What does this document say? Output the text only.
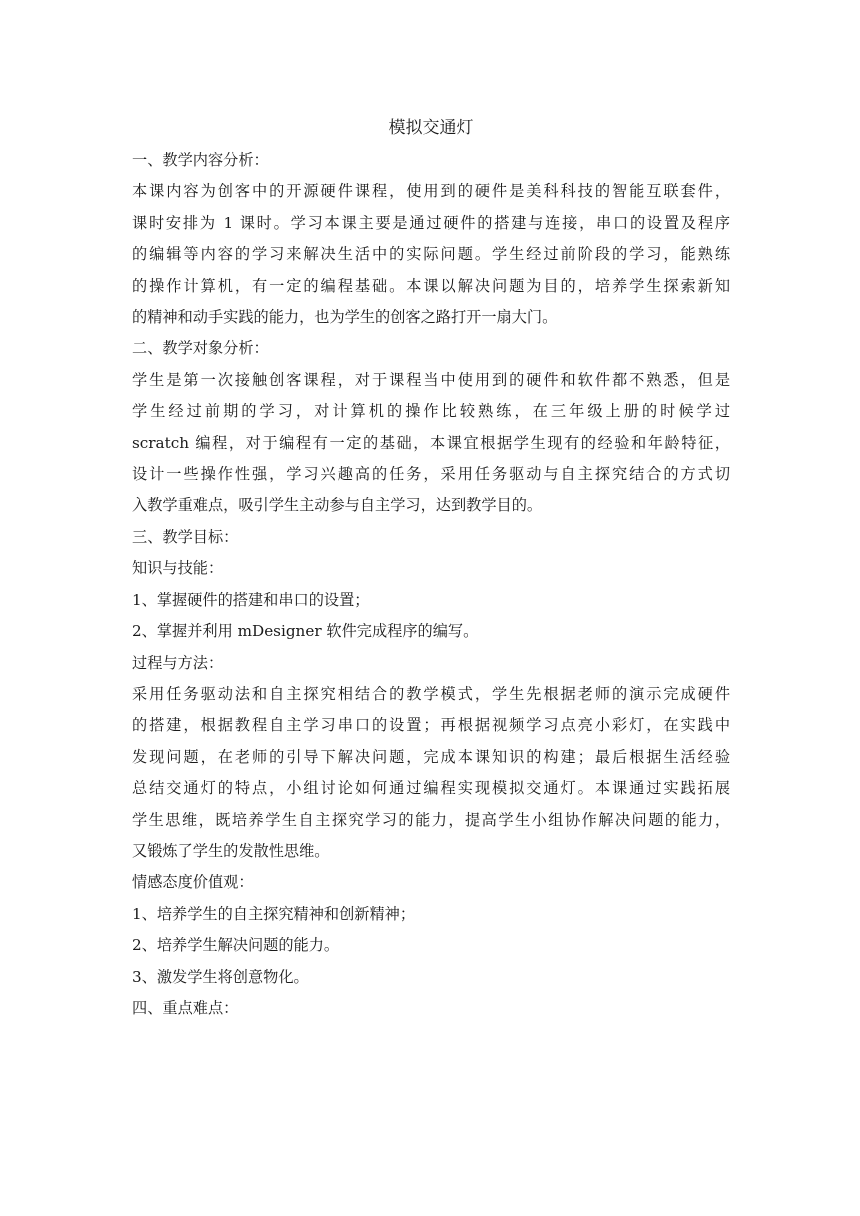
模拟交通灯

一、教学内容分析：

本课内容为创客中的开源硬件课程，使用到的硬件是美科科技的智能互联套件，
课时安排为 1 课时。学习本课主要是通过硬件的搭建与连接，串口的设置及程序
的编辑等内容的学习来解决生活中的实际问题。学生经过前阶段的学习，能熟练
的操作计算机，有一定的编程基础。本课以解决问题为目的，培养学生探索新知
的精神和动手实践的能力，也为学生的创客之路打开一扇大门。

二、教学对象分析：

学生是第一次接触创客课程，对于课程当中使用到的硬件和软件都不熟悉，但是
学生经过前期的学习，对计算机的操作比较熟练，在三年级上册的时候学过
scratch 编程，对于编程有一定的基础，本课宜根据学生现有的经验和年龄特征，
设计一些操作性强，学习兴趣高的任务，采用任务驱动与自主探究结合的方式切
入教学重难点，吸引学生主动参与自主学习，达到教学目的。

三、教学目标：

知识与技能：

1、掌握硬件的搭建和串口的设置；

2、掌握并利用 mDesigner 软件完成程序的编写。

过程与方法：

采用任务驱动法和自主探究相结合的教学模式，学生先根据老师的演示完成硬件
的搭建，根据教程自主学习串口的设置；再根据视频学习点亮小彩灯，在实践中
发现问题，在老师的引导下解决问题，完成本课知识的构建；最后根据生活经验
总结交通灯的特点，小组讨论如何通过编程实现模拟交通灯。本课通过实践拓展
学生思维，既培养学生自主探究学习的能力，提高学生小组协作解决问题的能力，
又锻炼了学生的发散性思维。

情感态度价值观：

1、培养学生的自主探究精神和创新精神；

2、培养学生解决问题的能力。

3、激发学生将创意物化。

四、重点难点：
